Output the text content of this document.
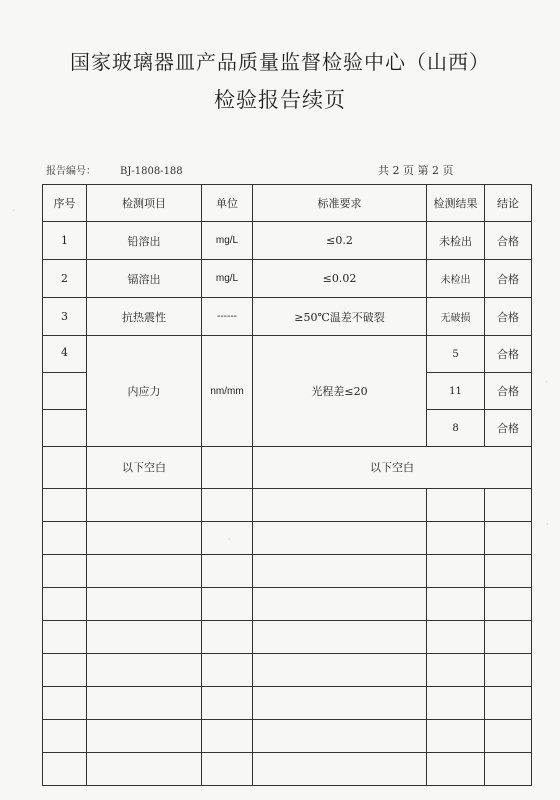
国家玻璃器皿产品质量监督检验中心（山西）
检验报告续页
报告编号： BJ-1808-188	共 2 页 第 2 页
序号	检测项目	单位	标准要求	检测结果	结论
1	铅溶出	mg/L	≤0.2	未检出	合格
2	镉溶出	mg/L	≤0.02	未检出	合格
3	抗热震性	------	≥50℃温差不破裂	无破损	合格
4	内应力	nm/mm	光程差≤20	5	合格
				11	合格
				8	合格
	以下空白		以下空白		

·
·
·
·
